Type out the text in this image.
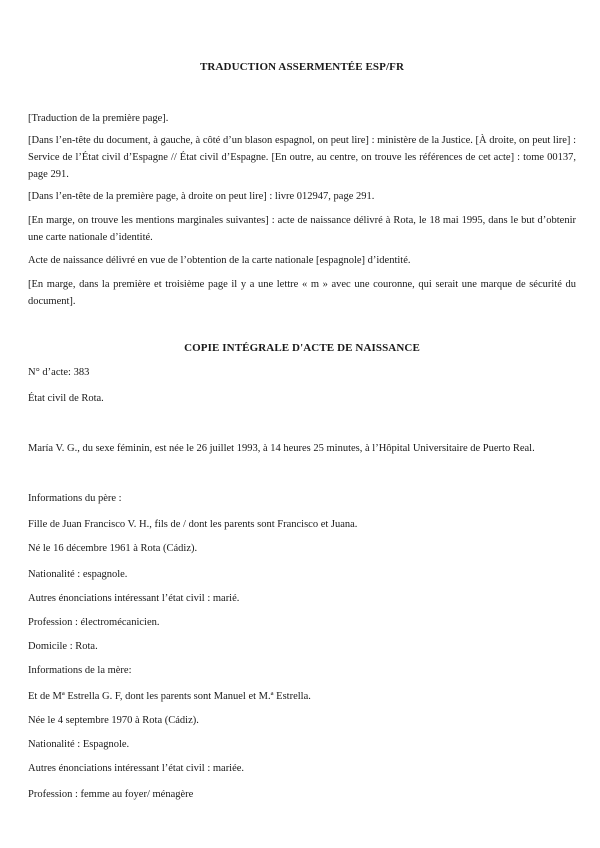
TRADUCTION ASSERMENTÉE ESP/FR

[Traduction de la première page].

[Dans l’en-tête du document, à gauche, à côté d’un blason espagnol, on peut lire] : ministère de la Justice. [À droite, on peut lire] : Service de l’État civil d’Espagne // État civil d’Espagne. [En outre, au centre, on trouve les références de cet acte] : tome 00137, page 291.

[Dans l’en-tête de la première page, à droite on peut lire] : livre 012947, page 291.

[En marge, on trouve les mentions marginales suivantes] : acte de naissance délivré à Rota, le 18 mai 1995, dans le but d’obtenir une carte nationale d’identité.

Acte de naissance délivré en vue de l’obtention de la carte nationale [espagnole] d’identité.

[En marge, dans la première et troisième page il y a une lettre « m » avec une couronne, qui serait une marque de sécurité du document].

COPIE INTÉGRALE D'ACTE DE NAISSANCE

N° d’acte: 383

État civil de Rota.

María V. G., du sexe féminin, est née le 26 juillet 1993, à 14 heures 25 minutes, à l’Hôpital Universitaire de Puerto Real.

Informations du père :

Fille de Juan Francisco V. H., fils de / dont les parents sont Francisco et Juana.

Né le 16 décembre 1961 à Rota (Cádiz).

Nationalité : espagnole.

Autres énonciations intéressant l’état civil : marié.

Profession : électromécanicien.

Domicile : Rota.

Informations de la mère:

Et de Mª Estrella G. F, dont les parents sont Manuel et M.ª Estrella.

Née le 4 septembre 1970 à Rota (Cádiz).

Nationalité : Espagnole.

Autres énonciations intéressant l’état civil : mariée.

Profession : femme au foyer/ ménagère
